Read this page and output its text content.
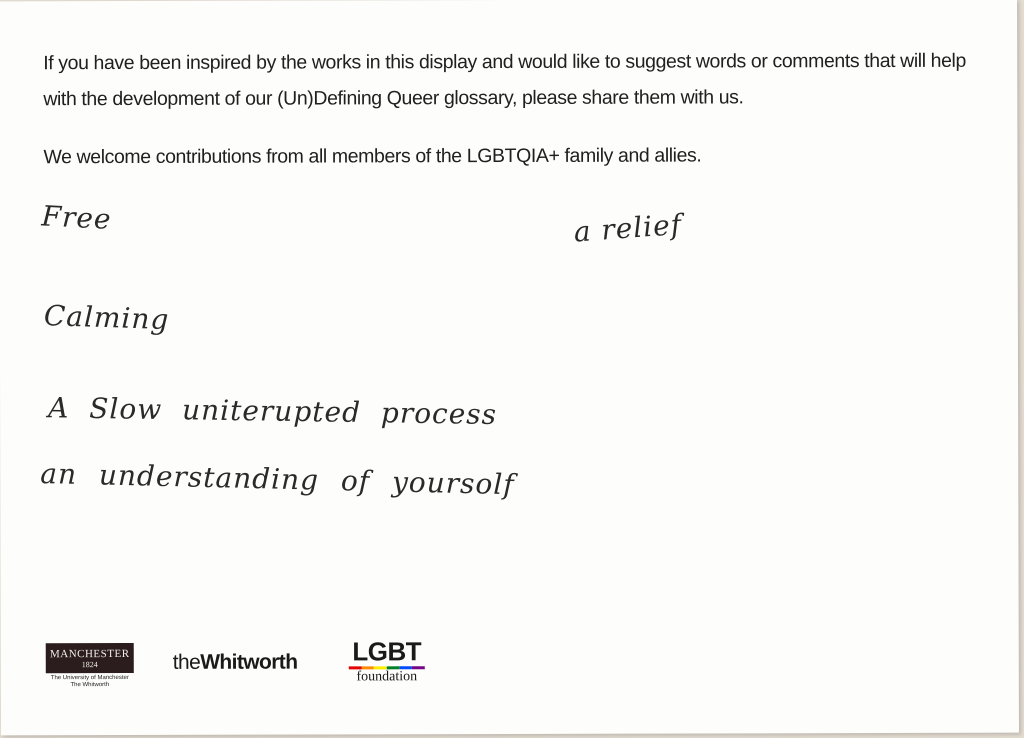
If you have been inspired by the works in this display and would like to suggest words or comments that will help with the development of our (Un)Defining Queer glossary, please share them with us.
We welcome contributions from all members of the LGBTQIA+ family and allies.
Free	a relief
Calming
A Slow uniterupted process
an understanding of yoursolf
MANCHESTER
1824
The University of Manchester
The Whitworth
theWhitworth LGBT
foundation
